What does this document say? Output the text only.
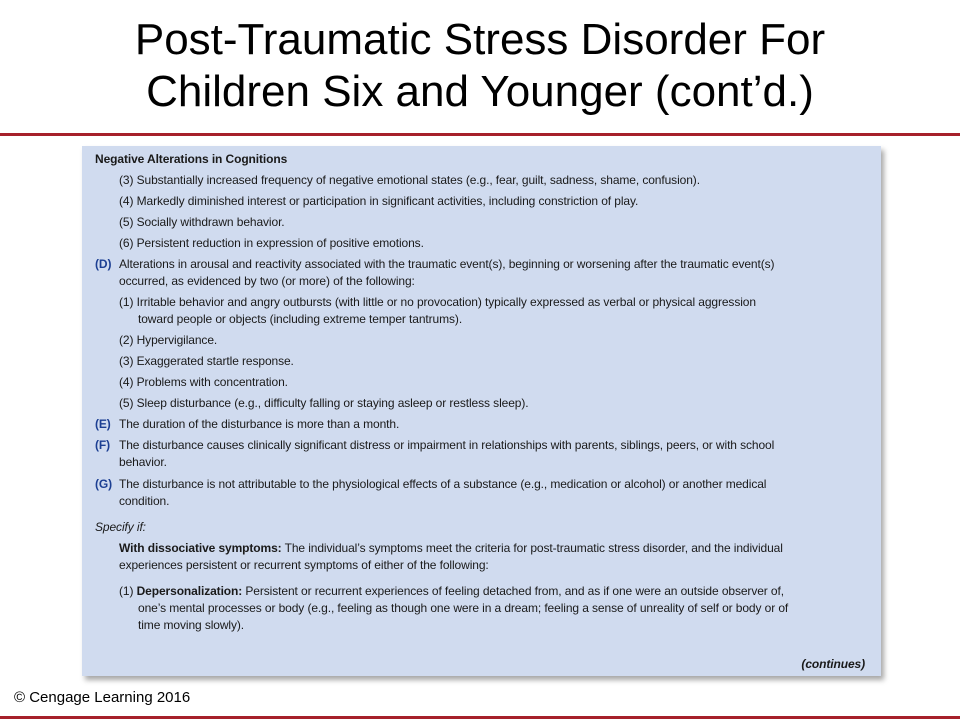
Post-Traumatic Stress Disorder For
Children Six and Younger (cont’d.)
Negative Alterations in Cognitions
(3) Substantially increased frequency of negative emotional states (e.g., fear, guilt, sadness, shame, confusion).
(4) Markedly diminished interest or participation in significant activities, including constriction of play.
(5) Socially withdrawn behavior.
(6) Persistent reduction in expression of positive emotions.
(D) Alterations in arousal and reactivity associated with the traumatic event(s), beginning or worsening after the traumatic event(s)
occurred, as evidenced by two (or more) of the following:
(1) Irritable behavior and angry outbursts (with little or no provocation) typically expressed as verbal or physical aggression
toward people or objects (including extreme temper tantrums).
(2) Hypervigilance.
(3) Exaggerated startle response.
(4) Problems with concentration.
(5) Sleep disturbance (e.g., difficulty falling or staying asleep or restless sleep).
(E) The duration of the disturbance is more than a month.
(F) The disturbance causes clinically significant distress or impairment in relationships with parents, siblings, peers, or with school
behavior.
(G) The disturbance is not attributable to the physiological effects of a substance (e.g., medication or alcohol) or another medical
condition.
Specify if:
With dissociative symptoms: The individual’s symptoms meet the criteria for post-traumatic stress disorder, and the individual
experiences persistent or recurrent symptoms of either of the following:
(1) Depersonalization: Persistent or recurrent experiences of feeling detached from, and as if one were an outside observer of,
one’s mental processes or body (e.g., feeling as though one were in a dream; feeling a sense of unreality of self or body or of
time moving slowly).
(continues)
© Cengage Learning 2016
